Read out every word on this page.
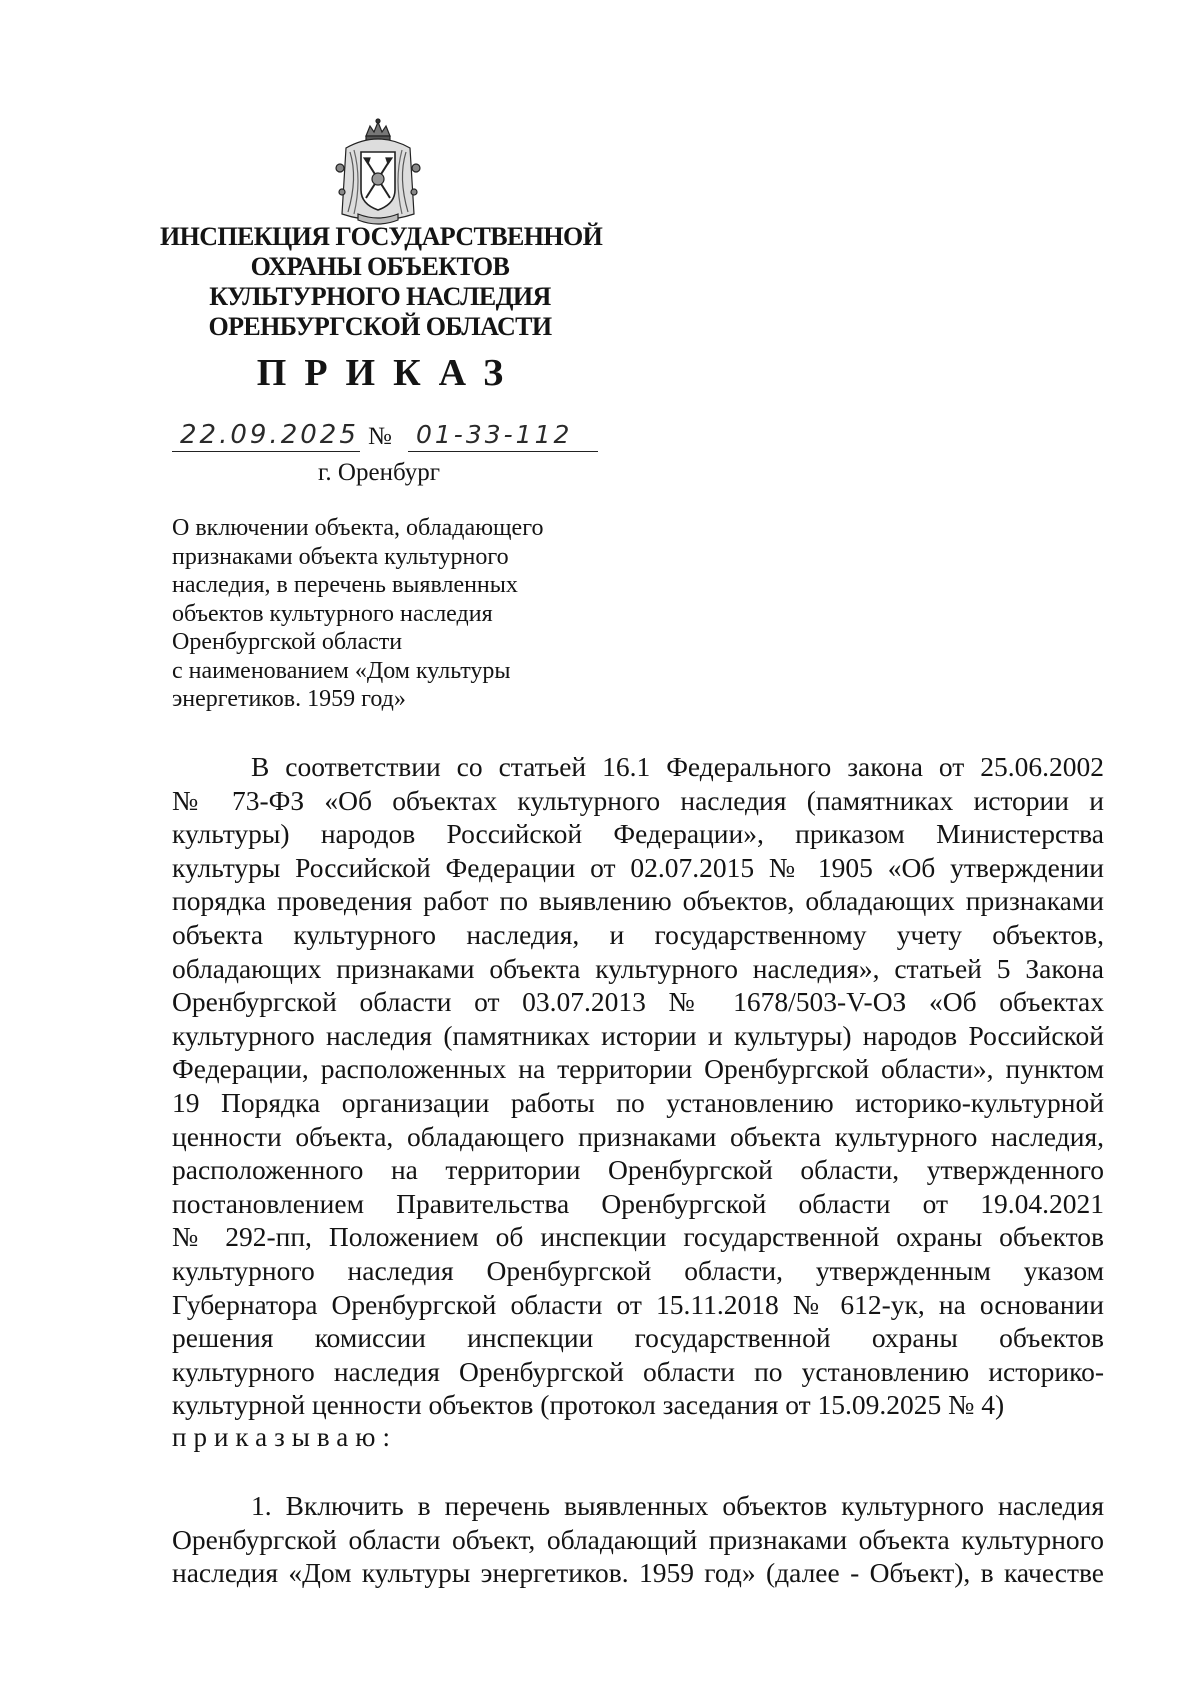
ИНСПЕКЦИЯ ГОСУДАРСТВЕННОЙ
ОХРАНЫ ОБЪЕКТОВ
КУЛЬТУРНОГО НАСЛЕДИЯ
ОРЕНБУРГСКОЙ ОБЛАСТИ
ПРИКАЗ
22.09.2025 № 01-33-112
г. Оренбург
О включении объекта, обладающего
признаками объекта культурного
наследия, в перечень выявленных
объектов культурного наследия
Оренбургской области
с наименованием «Дом культуры
энергетиков. 1959 год»
В соответствии со статьей 16.1 Федерального закона от 25.06.2002
№ 73-ФЗ «Об объектах культурного наследия (памятниках истории и
культуры) народов Российской Федерации», приказом Министерства
культуры Российской Федерации от 02.07.2015 № 1905 «Об утверждении
порядка проведения работ по выявлению объектов, обладающих признаками
объекта культурного наследия, и государственному учету объектов,
обладающих признаками объекта культурного наследия», статьей 5 Закона
Оренбургской области от 03.07.2013 № 1678/503-V-ОЗ «Об объектах
культурного наследия (памятниках истории и культуры) народов Российской
Федерации, расположенных на территории Оренбургской области», пунктом
19 Порядка организации работы по установлению историко-культурной
ценности объекта, обладающего признаками объекта культурного наследия,
расположенного на территории Оренбургской области, утвержденного
постановлением Правительства Оренбургской области от 19.04.2021
№ 292-пп, Положением об инспекции государственной охраны объектов
культурного наследия Оренбургской области, утвержденным указом
Губернатора Оренбургской области от 15.11.2018 № 612-ук, на основании
решения комиссии инспекции государственной охраны объектов
культурного наследия Оренбургской области по установлению историко-
культурной ценности объектов (протокол заседания от 15.09.2025 № 4)
приказываю:
1. Включить в перечень выявленных объектов культурного наследия
Оренбургской области объект, обладающий признаками объекта культурного
наследия «Дом культуры энергетиков. 1959 год» (далее - Объект), в качестве
